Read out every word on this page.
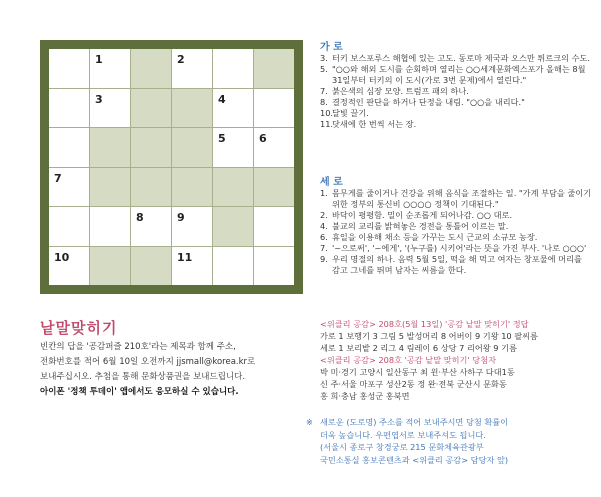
1	2
3	4
5	6
7
8	9
10	11
낱말맞히기
빈칸의 답을 '공감퍼즐 210호'라는 제목과 함께 주소,
전화번호를 적어 6월 10일 오전까지 jjsmall@korea.kr로
보내주십시오. 추첨을 통해 문화상품권을 보내드립니다.
아이폰 '정책 투데이' 앱에서도 응모하실 수 있습니다.
가 로
3. 터키 보스포루스 해협에 있는 고도. 동로마 제국과 오스만 튀르크의 수도.
5. "○○와 해외 도시를 순회하며 열리는 ○○세계문화엑스포가 올해는 8월 31일부터 터키의 이 도시(가로 3번 문제)에서 열린다."
7. 붉은색의 심장 모양. 트럼프 패의 하나.
8. 결정적인 판단을 하거나 단정을 내림. "○○을 내리다."
10.
달빛 끌기.
11.
닷새에 한 번씩 서는 장.
세 로
1. 몸무게를 줄이거나 건강을 위해 음식을 조절하는 일. "가계 부담을 줄이기 위한 정부의 통신비 ○○○○ 정책이 기대된다."
2. 바닥이 평평함. 밀이 순조롭게 되어나감. ○○ 대로.
4. 불교의 교리를 밝혀놓은 경전을 통틀어 이르는 말.
6. 휴일을 이용해 채소 등을 가꾸는 도시 근교의 소규모 농장.
7. '~으로써', '~에게', '(누구를) 시키어'라는 뜻을 가진 부사. '나로 ○○○'
9. 우리 명절의 하나. 음력 5월 5일, 떡을 해 먹고 여자는 창포물에 머리를 감고 그네를 뛰며 남자는 씨름을 한다.
<위클리 공감> 208호(5월 13일) '공감 낱말 맞히기' 정답
가로 1 보행기 3 그림 5 발성머리 8 어버이 9 기왕 10 팔씨름
세로 1 보리밭 2 리그 4 림레이 6 상당 7 리어왕 9 기름
<위클리 공감> 208호 '공감 낱말 맞히기' 당첨자
박 미·경기 고양시 일산동구 최 윈·부산 사하구 다대1동
신 주·서울 마포구 성산2동 정 완·전북 군산시 문화동
홍 희·충남 홍성군 홍북면
※ 새로운 (도로명) 주소를 적어 보내주시면 당첨 확률이
더욱 높습니다. 우편엽서로 보내주셔도 됩니다.
(서울시 종로구 창경궁로 215 문화체육관광부
국민소통실 홍보콘텐츠과 <위클리 공감> 담당자 앞)
